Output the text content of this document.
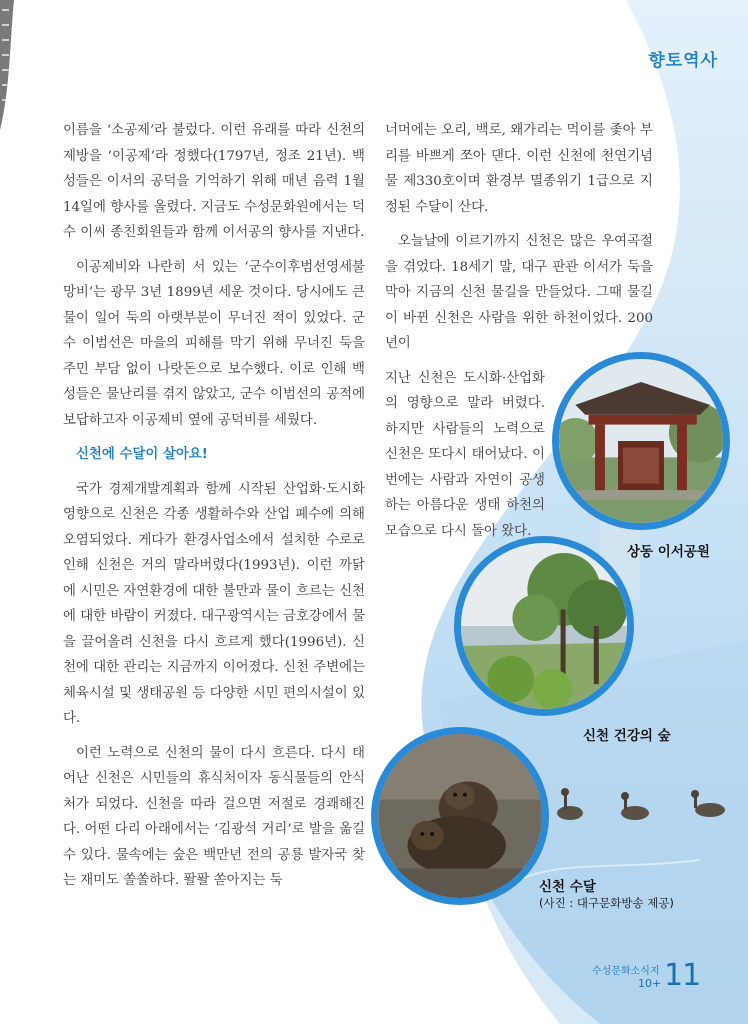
향토역사

이름을 ‘소공제’라 불렀다. 이런 유래를 따라 신천의 제방을 ‘이공제’라 정했다(1797년, 정조 21년). 백성들은 이서의 공덕을 기억하기 위해 매년 음력 1월 14일에 향사를 올렸다. 지금도 수성문화원에서는 덕수 이씨 종친회원들과 함께 이서공의 향사를 지낸다.

이공제비와 나란히 서 있는 ‘군수이후범선영세불망비’는 광무 3년 1899년 세운 것이다. 당시에도 큰물이 일어 둑의 아랫부분이 무너진 적이 있었다. 군수 이범선은 마을의 피해를 막기 위해 무너진 둑을 주민 부담 없이 나랏돈으로 보수했다. 이로 인해 백성들은 물난리를 겪지 않았고, 군수 이범선의 공적에 보답하고자 이공제비 옆에 공덕비를 세웠다.

신천에 수달이 살아요!

국가 경제개발계획과 함께 시작된 산업화·도시화 영향으로 신천은 각종 생활하수와 산업 폐수에 의해 오염되었다. 게다가 환경사업소에서 설치한 수로로 인해 신천은 거의 말라버렸다(1993년). 이런 까닭에 시민은 자연환경에 대한 불만과 물이 흐르는 신천에 대한 바람이 커졌다. 대구광역시는 금호강에서 물을 끌어올려 신천을 다시 흐르게 했다(1996년). 신천에 대한 관리는 지금까지 이어졌다. 신천 주변에는 체육시설 및 생태공원 등 다양한 시민 편의시설이 있다.

이런 노력으로 신천의 물이 다시 흐른다. 다시 태어난 신천은 시민들의 휴식처이자 동식물들의 안식처가 되었다. 신천을 따라 걸으면 저절로 경쾌해진다. 어떤 다리 아래에서는 ‘김광석 거리’로 발을 옮길 수 있다. 물속에는 숲은 백만년 전의 공룡 발자국 찾는 재미도 쏠쏠하다. 퐐퐐 쏟아지는 둑

너머에는 오리, 백로, 왜가리는 먹이를 좇아 부리를 바쁘게 쪼아 댄다. 이런 신천에 천연기념물 제330호이며 환경부 멸종위기 1급으로 지정된 수달이 산다.

오늘날에 이르기까지 신천은 많은 우여곡절을 겪었다. 18세기 말, 대구 판관 이서가 둑을 막아 지금의 신천 물길을 만들었다. 그때 물길이 바뀐 신천은 사람을 위한 하천이었다. 200년이

지난 신천은 도시화·산업화의 영향으로 말라 버렸다. 하지만 사람들의 노력으로 신천은 또다시 태어났다. 이번에는 사람과 자연이 공생하는 아름다운 생태 하천의 모습으로 다시 돌아 왔다.

상동 이서공원
신천 건강의 숲
신천 수달
(사진 : 대구문화방송 제공)
수성문화소식지
10+ 11
